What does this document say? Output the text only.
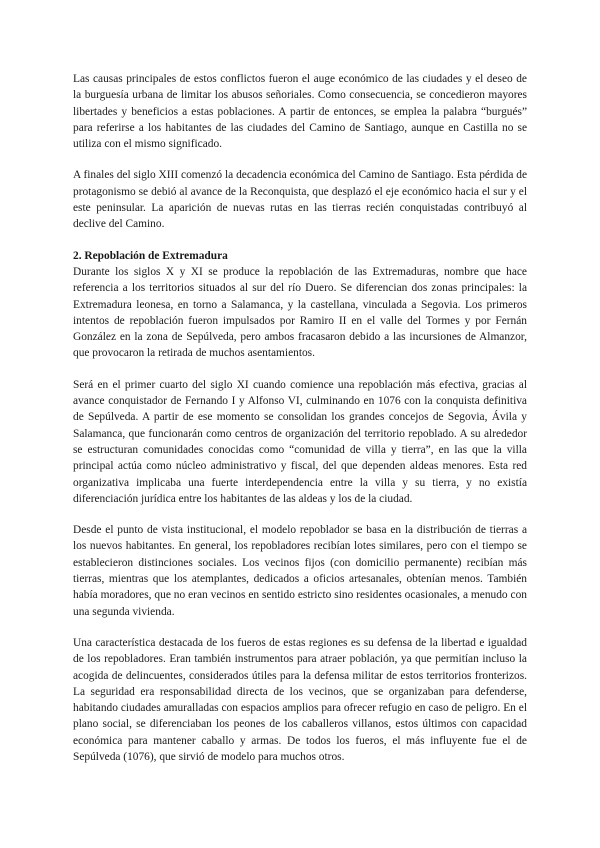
Las causas principales de estos conflictos fueron el auge económico de las ciudades y el deseo de la burguesía urbana de limitar los abusos señoriales. Como consecuencia, se concedieron mayores libertades y beneficios a estas poblaciones. A partir de entonces, se emplea la palabra “burgués” para referirse a los habitantes de las ciudades del Camino de Santiago, aunque en Castilla no se utiliza con el mismo significado.

A finales del siglo XIII comenzó la decadencia económica del Camino de Santiago. Esta pérdida de protagonismo se debió al avance de la Reconquista, que desplazó el eje económico hacia el sur y el este peninsular. La aparición de nuevas rutas en las tierras recién conquistadas contribuyó al declive del Camino.

2. Repoblación de Extremadura

Durante los siglos X y XI se produce la repoblación de las Extremaduras, nombre que hace referencia a los territorios situados al sur del río Duero. Se diferencian dos zonas principales: la Extremadura leonesa, en torno a Salamanca, y la castellana, vinculada a Segovia. Los primeros intentos de repoblación fueron impulsados por Ramiro II en el valle del Tormes y por Fernán González en la zona de Sepúlveda, pero ambos fracasaron debido a las incursiones de Almanzor, que provocaron la retirada de muchos asentamientos.

Será en el primer cuarto del siglo XI cuando comience una repoblación más efectiva, gracias al avance conquistador de Fernando I y Alfonso VI, culminando en 1076 con la conquista definitiva de Sepúlveda. A partir de ese momento se consolidan los grandes concejos de Segovia, Ávila y Salamanca, que funcionarán como centros de organización del territorio repoblado. A su alrededor se estructuran comunidades conocidas como “comunidad de villa y tierra”, en las que la villa principal actúa como núcleo administrativo y fiscal, del que dependen aldeas menores. Esta red organizativa implicaba una fuerte interdependencia entre la villa y su tierra, y no existía diferenciación jurídica entre los habitantes de las aldeas y los de la ciudad.

Desde el punto de vista institucional, el modelo repoblador se basa en la distribución de tierras a los nuevos habitantes. En general, los repobladores recibían lotes similares, pero con el tiempo se establecieron distinciones sociales. Los vecinos fijos (con domicilio permanente) recibían más tierras, mientras que los atemplantes, dedicados a oficios artesanales, obtenían menos. También había moradores, que no eran vecinos en sentido estricto sino residentes ocasionales, a menudo con una segunda vivienda.

Una característica destacada de los fueros de estas regiones es su defensa de la libertad e igualdad de los repobladores. Eran también instrumentos para atraer población, ya que permitían incluso la acogida de delincuentes, considerados útiles para la defensa militar de estos territorios fronterizos. La seguridad era responsabilidad directa de los vecinos, que se organizaban para defenderse, habitando ciudades amuralladas con espacios amplios para ofrecer refugio en caso de peligro. En el plano social, se diferenciaban los peones de los caballeros villanos, estos últimos con capacidad económica para mantener caballo y armas. De todos los fueros, el más influyente fue el de Sepúlveda (1076), que sirvió de modelo para muchos otros.
